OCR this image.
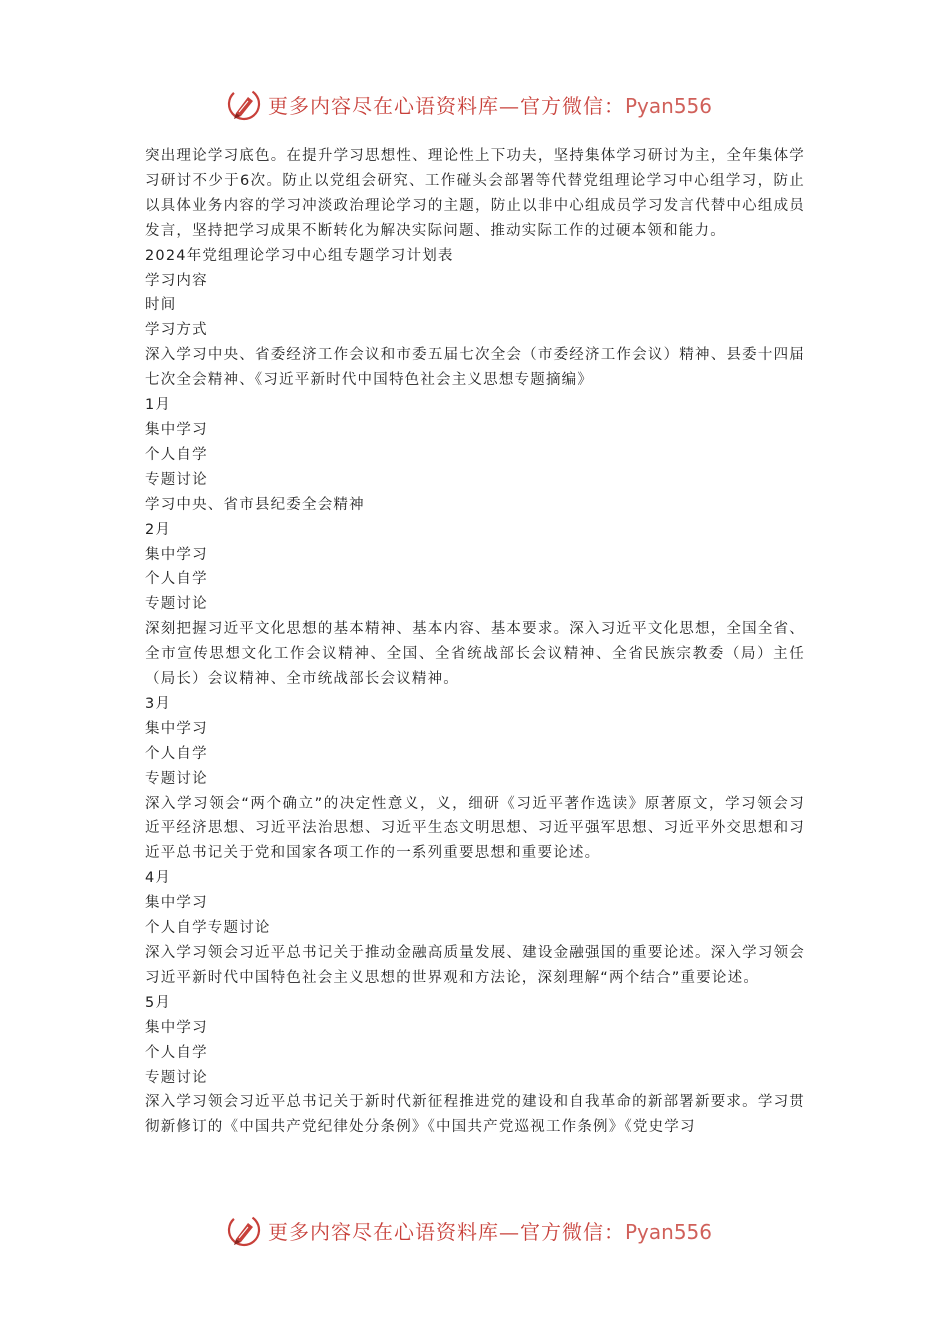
更多内容尽在心语资料库—官方微信：Pyan556

突出理论学习底色。在提升学习思想性、理论性上下功夫，坚持集体学习研讨为主，全年集体学习研讨不少于6次。防止以党组会研究、工作碰头会部署等代替党组理论学习中心组学习，防止以具体业务内容的学习冲淡政治理论学习的主题，防止以非中心组成员学习发言代替中心组成员发言，坚持把学习成果不断转化为解决实际问题、推动实际工作的过硬本领和能力。

2024年党组理论学习中心组专题学习计划表

学习内容

时间

学习方式

深入学习中央、省委经济工作会议和市委五届七次全会（市委经济工作会议）精神、县委十四届七次全会精神、《习近平新时代中国特色社会主义思想专题摘编》

1月

集中学习

个人自学

专题讨论

学习中央、省市县纪委全会精神

2月

集中学习

个人自学

专题讨论

深刻把握习近平文化思想的基本精神、基本内容、基本要求。深入习近平文化思想，全国全省、全市宣传思想文化工作会议精神、全国、全省统战部长会议精神、全省民族宗教委（局）主任（局长）会议精神、全市统战部长会议精神。

3月

集中学习

个人自学

专题讨论

深入学习领会“两个确立”的决定性意义，义，细研《习近平著作选读》原著原文，学习领会习近平经济思想、习近平法治思想、习近平生态文明思想、习近平强军思想、习近平外交思想和习近平总书记关于党和国家各项工作的一系列重要思想和重要论述。

4月

集中学习

个人自学专题讨论

深入学习领会习近平总书记关于推动金融高质量发展、建设金融强国的重要论述。深入学习领会习近平新时代中国特色社会主义思想的世界观和方法论，深刻理解“两个结合”重要论述。

5月

集中学习

个人自学

专题讨论

深入学习领会习近平总书记关于新时代新征程推进党的建设和自我革命的新部署新要求。学习贯彻新修订的《中国共产党纪律处分条例》《中国共产党巡视工作条例》《党史学习

更多内容尽在心语资料库—官方微信：Pyan556
